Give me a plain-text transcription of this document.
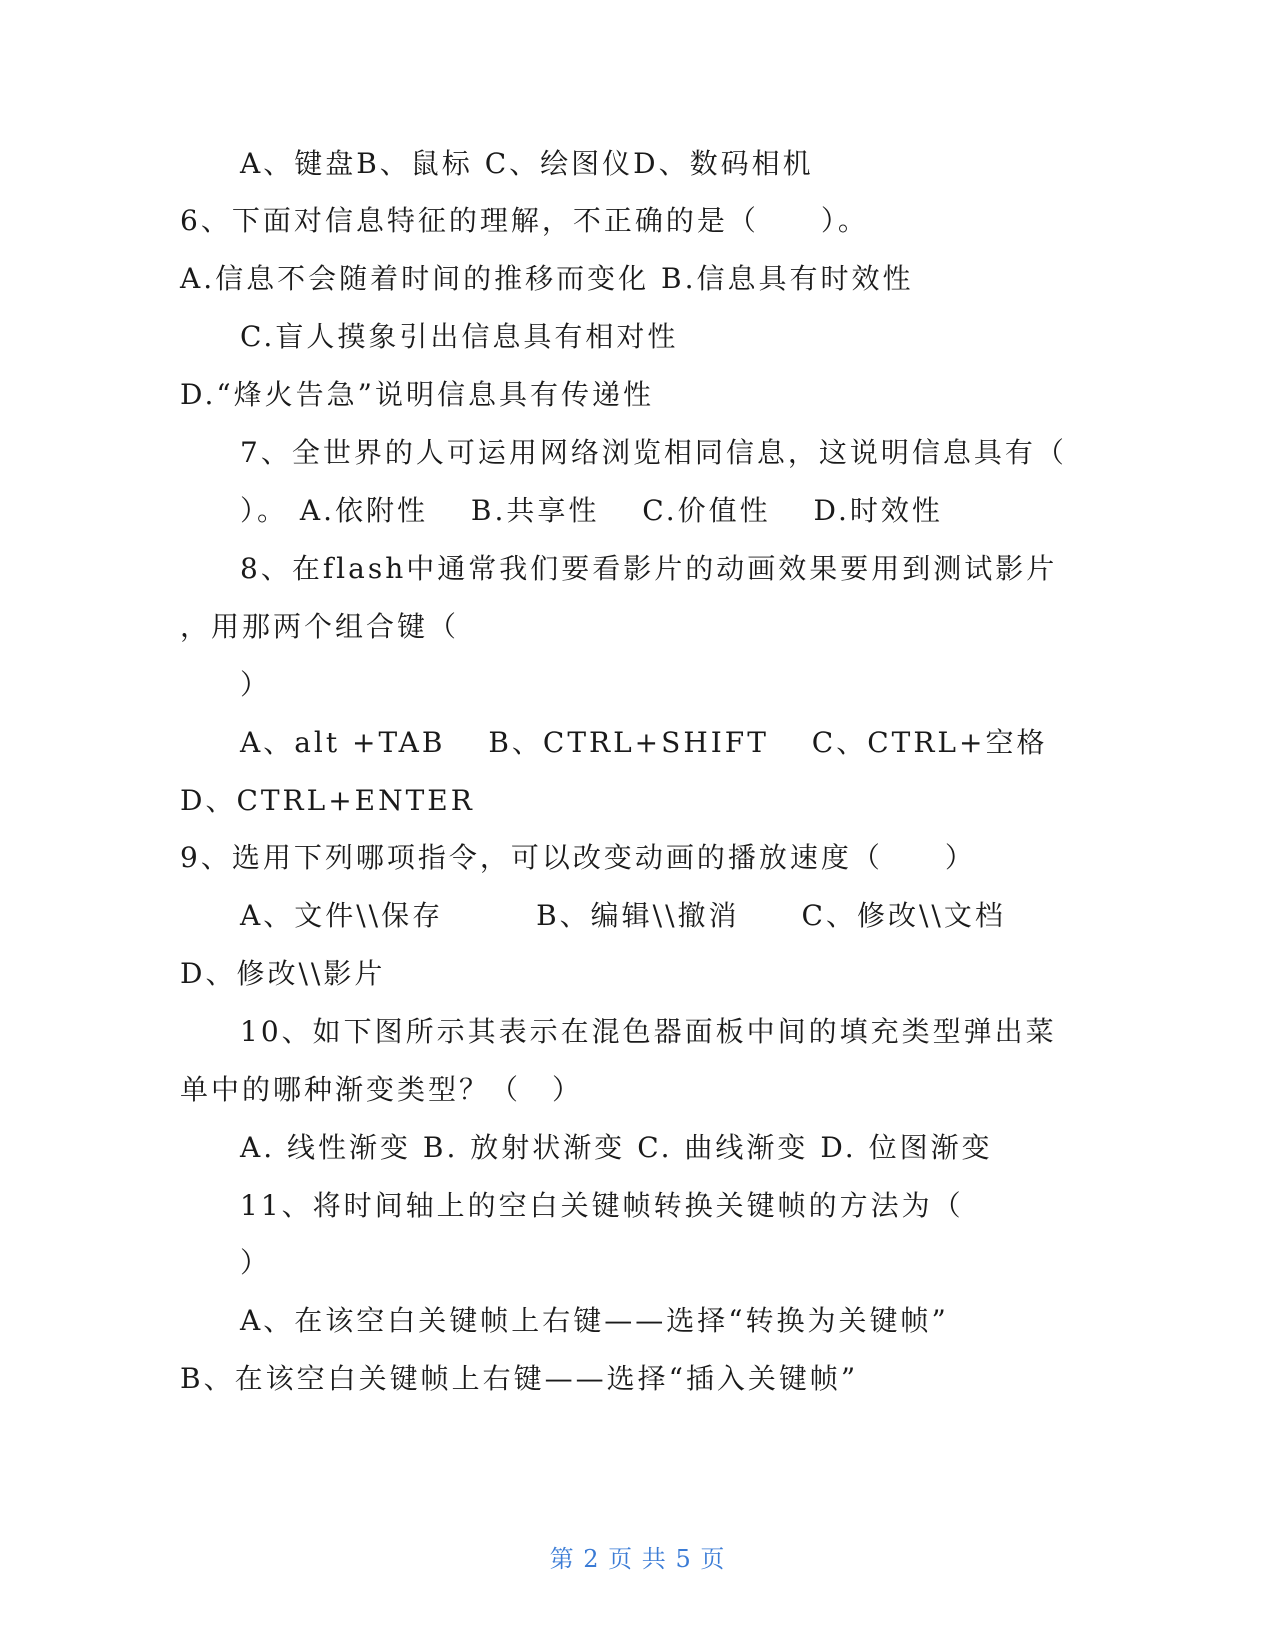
A、键盘B、鼠标 C、绘图仪D、数码相机
6、下面对信息特征的理解，不正确的是（　　）。
A.信息不会随着时间的推移而变化 B.信息具有时效性
C.盲人摸象引出信息具有相对性
D.“烽火告急”说明信息具有传递性
7、全世界的人可运用网络浏览相同信息，这说明信息具有（
）。 A.依附性　 B.共享性　 C.价值性　 D.时效性
8、在flash中通常我们要看影片的动画效果要用到测试影片
，用那两个组合键（
）
A、alt +TAB　 B、CTRL+SHIFT　 C、CTRL+空格
D、CTRL+ENTER
9、选用下列哪项指令，可以改变动画的播放速度（　　）
A、文件\\保存　　　B、编辑\\撤消　　C、修改\\文档
D、修改\\影片
10、如下图所示其表示在混色器面板中间的填充类型弹出菜
单中的哪种渐变类型？（　）
A. 线性渐变 B. 放射状渐变 C. 曲线渐变 D. 位图渐变
11、将时间轴上的空白关键帧转换关键帧的方法为（
）
A、在该空白关键帧上右键——选择“转换为关键帧”
B、在该空白关键帧上右键——选择“插入关键帧”
第 2 页 共 5 页
